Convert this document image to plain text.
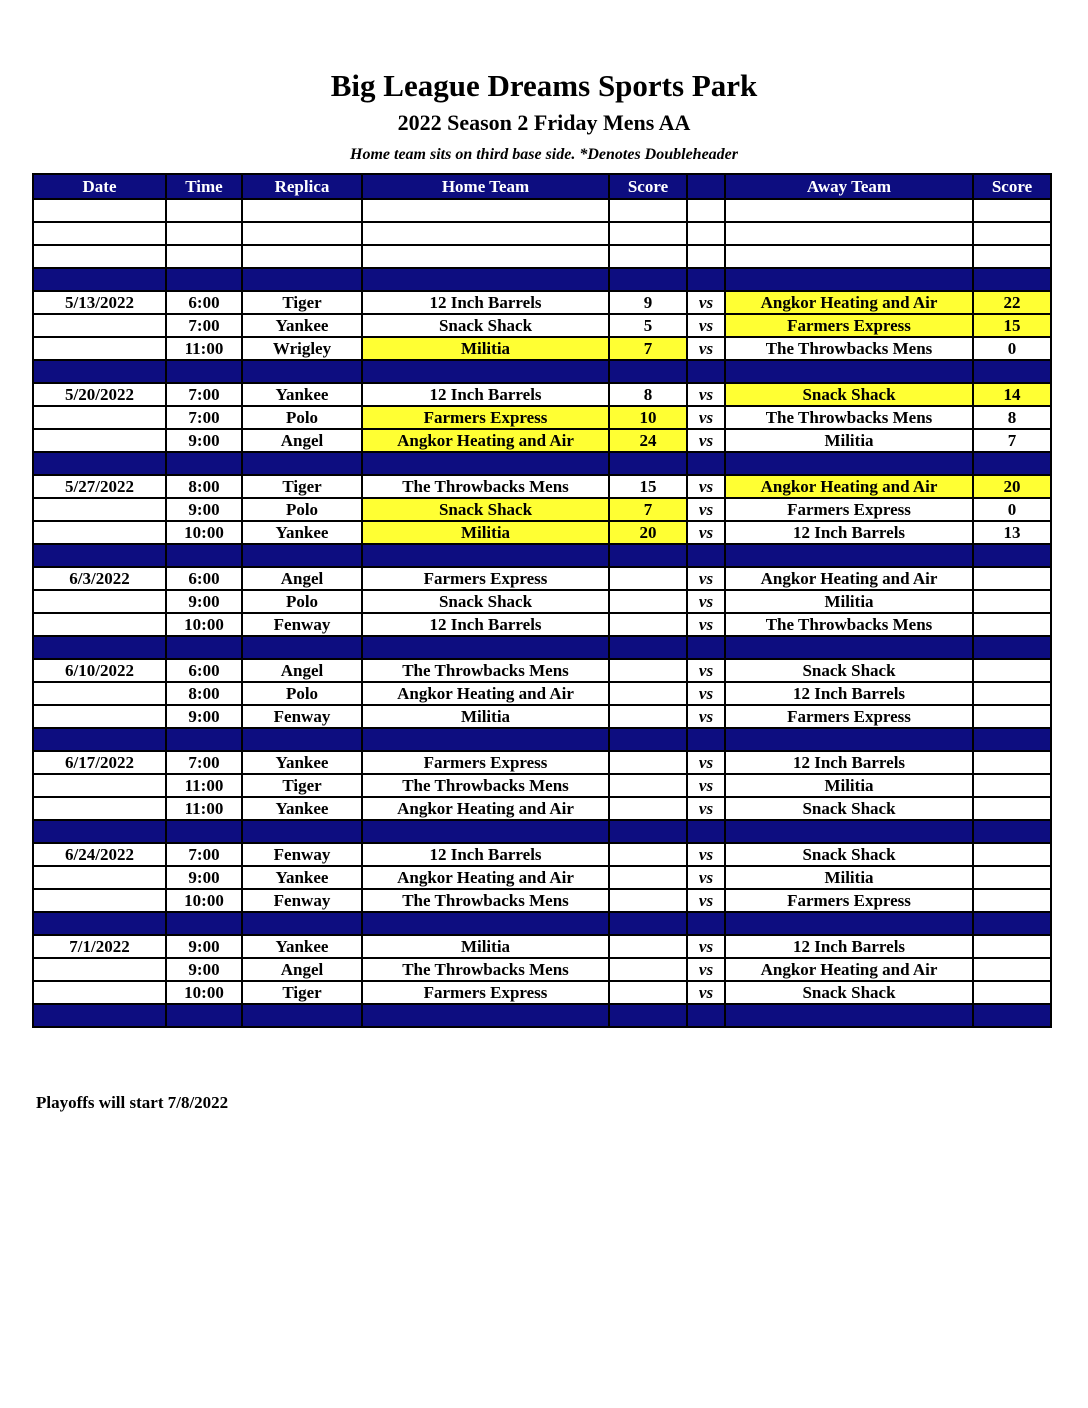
Big League Dreams Sports Park
2022 Season 2 Friday Mens AA
Home team sits on third base side. *Denotes Doubleheader
Date	Time	Replica	Home Team	Score		Away Team	Score

5/13/2022	6:00	Tiger	12 Inch Barrels	9	vs	Angkor Heating and Air	22
	7:00	Yankee	Snack Shack	5	vs	Farmers Express	15
	11:00	Wrigley	Militia	7	vs	The Throwbacks Mens	0

5/20/2022	7:00	Yankee	12 Inch Barrels	8	vs	Snack Shack	14
	7:00	Polo	Farmers Express	10	vs	The Throwbacks Mens	8
	9:00	Angel	Angkor Heating and Air	24	vs	Militia	7

5/27/2022	8:00	Tiger	The Throwbacks Mens	15	vs	Angkor Heating and Air	20
	9:00	Polo	Snack Shack	7	vs	Farmers Express	0
	10:00	Yankee	Militia	20	vs	12 Inch Barrels	13

6/3/2022	6:00	Angel	Farmers Express		vs	Angkor Heating and Air	
	9:00	Polo	Snack Shack		vs	Militia	
	10:00	Fenway	12 Inch Barrels		vs	The Throwbacks Mens	

6/10/2022	6:00	Angel	The Throwbacks Mens		vs	Snack Shack	
	8:00	Polo	Angkor Heating and Air		vs	12 Inch Barrels	
	9:00	Fenway	Militia		vs	Farmers Express	

6/17/2022	7:00	Yankee	Farmers Express		vs	12 Inch Barrels	
	11:00	Tiger	The Throwbacks Mens		vs	Militia	
	11:00	Yankee	Angkor Heating and Air		vs	Snack Shack	

6/24/2022	7:00	Fenway	12 Inch Barrels		vs	Snack Shack	
	9:00	Yankee	Angkor Heating and Air		vs	Militia	
	10:00	Fenway	The Throwbacks Mens		vs	Farmers Express	

7/1/2022	9:00	Yankee	Militia		vs	12 Inch Barrels	
	9:00	Angel	The Throwbacks Mens		vs	Angkor Heating and Air	
	10:00	Tiger	Farmers Express		vs	Snack Shack	

Playoffs will start 7/8/2022
